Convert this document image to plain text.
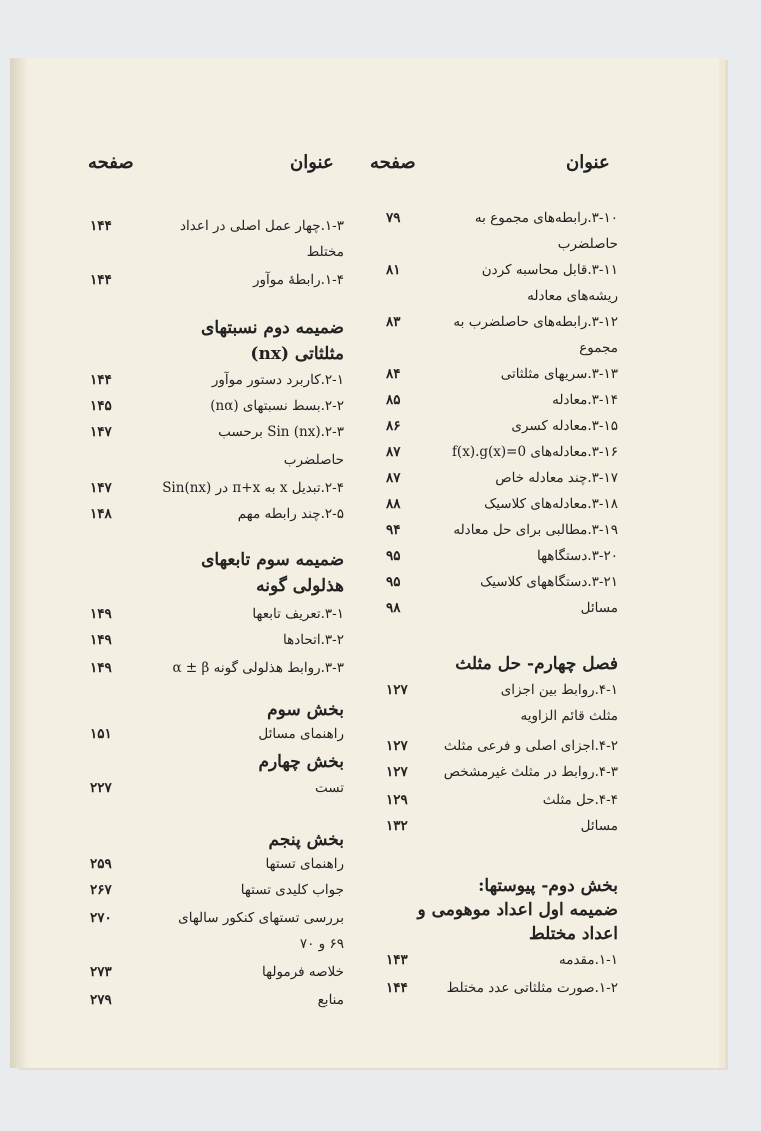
عنوان
صفحه
عنوان
صفحه
۳-۱۰.رابطه‌های مجموع به
۷۹
حاصلضرب
۳-۱۱.قابل محاسبه کردن
۸۱
ریشه‌های معادله
۳-۱۲.رابطه‌های حاصلضرب به
۸۳
مجموع
۳-۱۳.سریهای مثلثاتی
۸۴
۳-۱۴.معادله
۸۵
۳-۱۵.معادله کسری
۸۶
۳-۱۶.معادله‌های f(x).g(x)=0
۸۷
۳-۱۷.چند معادله خاص
۸۷
۳-۱۸.معادله‌های کلاسیک
۸۸
۳-۱۹.مطالبی برای حل معادله
۹۴
۳-۲۰.دستگاهها
۹۵
۳-۲۱.دستگاههای کلاسیک
۹۵
مسائل
۹۸
فصل چهارم- حل مثلث
۴-۱.روابط بین اجزای
۱۲۷
مثلث قائم الزاویه
۴-۲.اجزای اصلی و فرعی مثلث
۱۲۷
۴-۳.روابط در مثلث غیرمشخص
۱۲۷
۴-۴.حل مثلث
۱۲۹
مسائل
۱۳۲
بخش دوم- پیوستها:
ضمیمه اول اعداد موهومی و
اعداد مختلط
۱-۱.مقدمه
۱۴۳
۱-۲.صورت مثلثاتی عدد مختلط
۱۴۴
۱-۳.چهار عمل اصلی در اعداد
۱۴۴
مختلط
۱-۴.رابطهٔ موآور
۱۴۴
ضمیمه دوم نسبتهای
مثلثاتی (nx)
۲-۱.کاربرد دستور موآور
۱۴۴
۲-۲.بسط نسبتهای (nα)
۱۴۵
۲-۳.Sin (nx) برحسب
۱۴۷
حاصلضرب
۲-۴.تبدیل x به π+x در Sin(nx)
۱۴۷
۲-۵.چند رابطه مهم
۱۴۸
ضمیمه سوم تابعهای
هذلولی گونه
۳-۱.تعریف تابعها
۱۴۹
۳-۲.اتحادها
۱۴۹
۳-۳.روابط هذلولی گونه α ± β
۱۴۹
بخش سوم
راهنمای مسائل
۱۵۱
بخش چهارم
تست
۲۲۷
بخش پنجم
راهنمای تستها
۲۵۹
جواب کلیدی تستها
۲۶۷
بررسی تستهای کنکور سالهای
۲۷۰
۶۹ و ۷۰
خلاصه فرمولها
۲۷۳
منابع
۲۷۹
